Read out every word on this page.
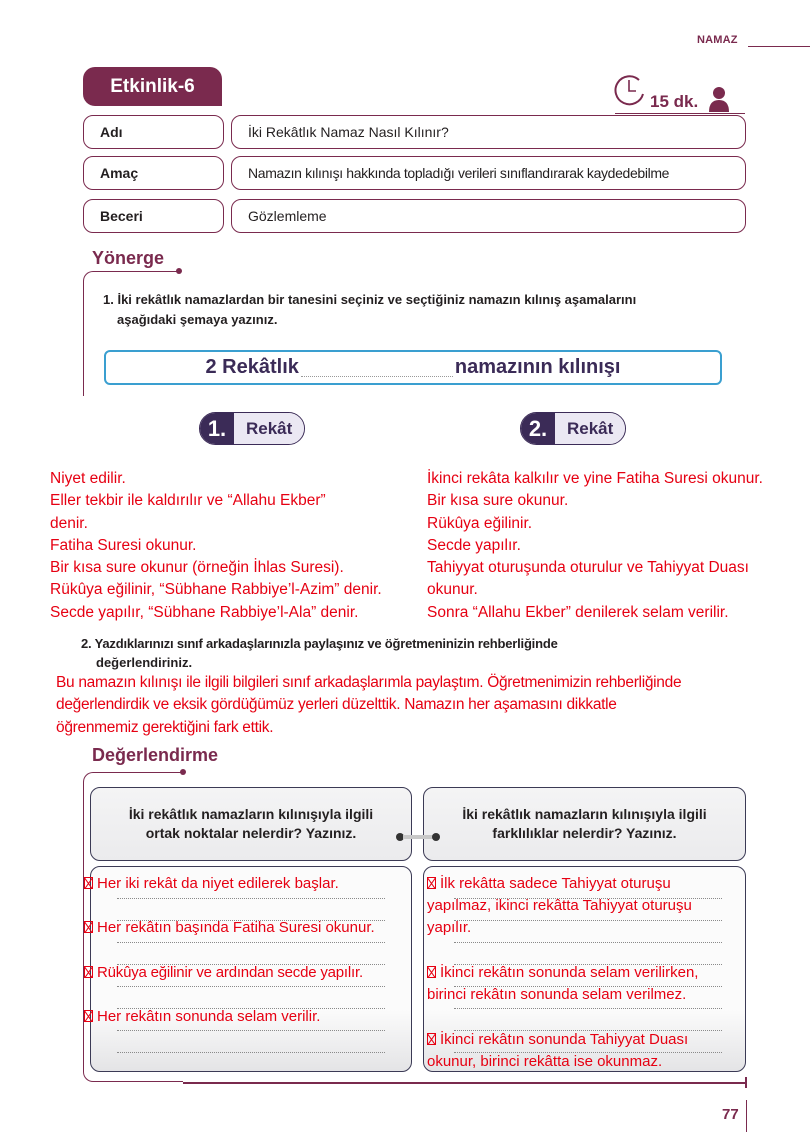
NAMAZ
Etkinlik-6
15 dk.
Adı	İki Rekâtlık Namaz Nasıl Kılınır?
Amaç	Namazın kılınışı hakkında topladığı verileri sınıflandırarak kaydedebilme
Beceri	Gözlemleme
Yönerge
1. İki rekâtlık namazlardan bir tanesini seçiniz ve seçtiğiniz namazın kılınış aşamalarını
aşağıdaki şemaya yazınız.
2 Rekâtlık	namazının kılınışı
1.	Rekât	2.	Rekât
Niyet edilir.
Eller tekbir ile kaldırılır ve “Allahu Ekber”
denir.
Fatiha Suresi okunur.
Bir kısa sure okunur (örneğin İhlas Suresi).
Rükûya eğilinir, “Sübhane Rabbiye’l-Azim” denir.
Secde yapılır, “Sübhane Rabbiye’l-Ala” denir.
İkinci rekâta kalkılır ve yine Fatiha Suresi okunur.
Bir kısa sure okunur.
Rükûya eğilinir.
Secde yapılır.
Tahiyyat oturuşunda oturulur ve Tahiyyat Duası
okunur.
Sonra “Allahu Ekber” denilerek selam verilir.
2. Yazdıklarınızı sınıf arkadaşlarınızla paylaşınız ve öğretmeninizin rehberliğinde
değerlendiriniz.
Bu namazın kılınışı ile ilgili bilgileri sınıf arkadaşlarımla paylaştım. Öğretmenimizin rehberliğinde
değerlendirdik ve eksik gördüğümüz yerleri düzelttik. Namazın her aşamasını dikkatle
öğrenmemiz gerektiğini fark ettik.
Değerlendirme
İki rekâtlık namazların kılınışıyla ilgili
ortak noktalar nelerdir? Yazınız.
İki rekâtlık namazların kılınışıyla ilgili
farklılıklar nelerdir? Yazınız.
Her iki rekât da niyet edilerek başlar.
Her rekâtın başında Fatiha Suresi okunur.
Rükûya eğilinir ve ardından secde yapılır.
Her rekâtın sonunda selam verilir.
İlk rekâtta sadece Tahiyyat oturuşu
yapılmaz, ikinci rekâtta Tahiyyat oturuşu
yapılır.
İkinci rekâtın sonunda selam verilirken,
birinci rekâtın sonunda selam verilmez.
İkinci rekâtın sonunda Tahiyyat Duası
okunur, birinci rekâtta ise okunmaz.
77
